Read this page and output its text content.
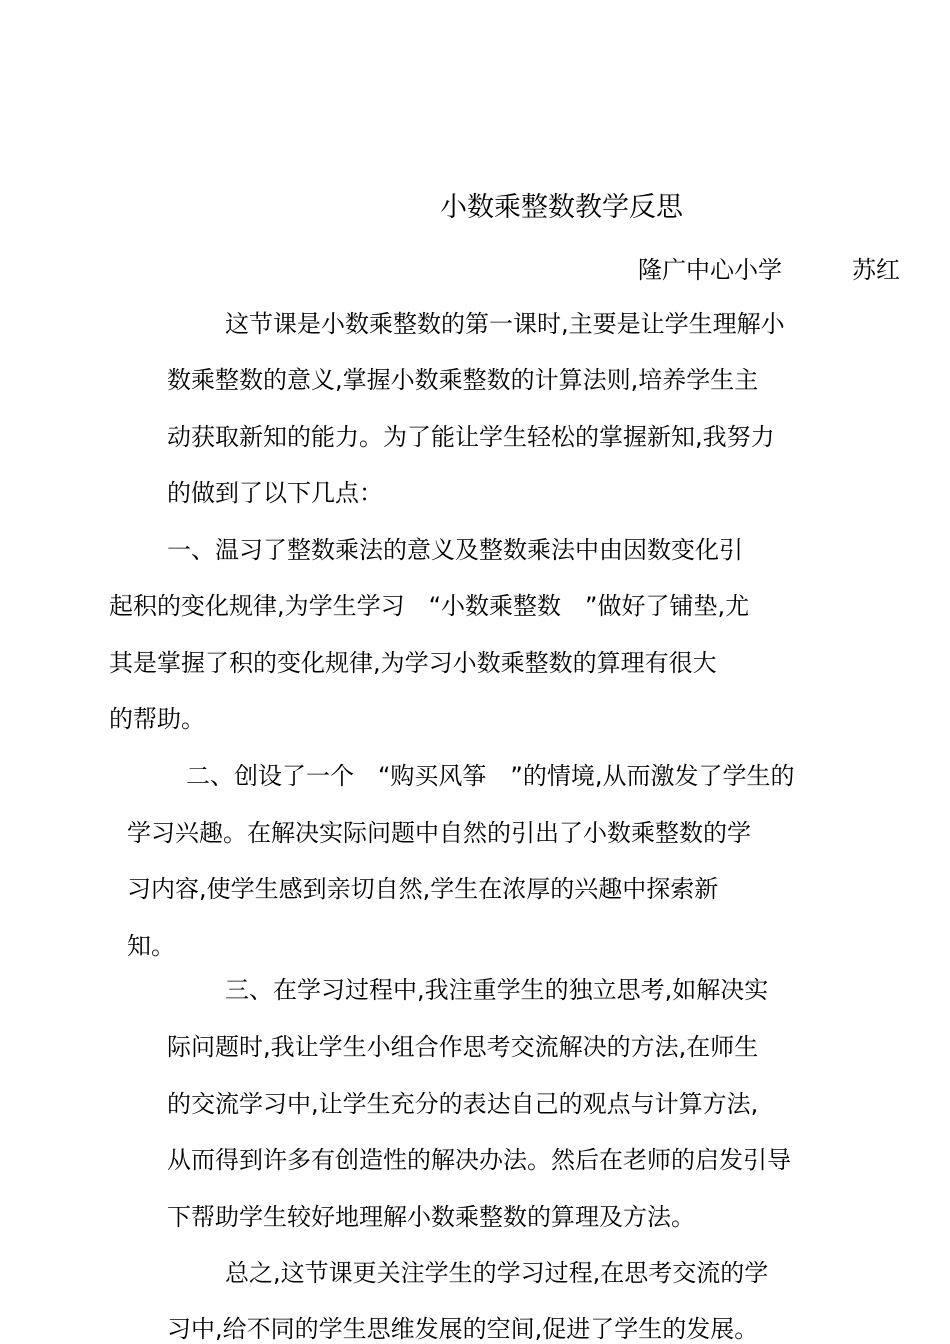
小数乘整数教学反思
隆广中心小学	苏红
这节课是小数乘整数的第一课时,主要是让学生理解小
数乘整数的意义,掌握小数乘整数的计算法则,培养学生主
动获取新知的能力。为了能让学生轻松的掌握新知,我努力
的做到了以下几点：
一、温习了整数乘法的意义及整数乘法中由因数变化引
起积的变化规律,为学生学习　“小数乘整数　”做好了铺垫,尤
其是掌握了积的变化规律,为学习小数乘整数的算理有很大
的帮助。
二、创设了一个　“购买风筝　”的情境,从而激发了学生的
学习兴趣。在解决实际问题中自然的引出了小数乘整数的学
习内容,使学生感到亲切自然,学生在浓厚的兴趣中探索新
知。
三、在学习过程中,我注重学生的独立思考,如解决实
际问题时,我让学生小组合作思考交流解决的方法,在师生
的交流学习中,让学生充分的表达自己的观点与计算方法,
从而得到许多有创造性的解决办法。然后在老师的启发引导
下帮助学生较好地理解小数乘整数的算理及方法。
总之,这节课更关注学生的学习过程,在思考交流的学
习中,给不同的学生思维发展的空间,促进了学生的发展。
